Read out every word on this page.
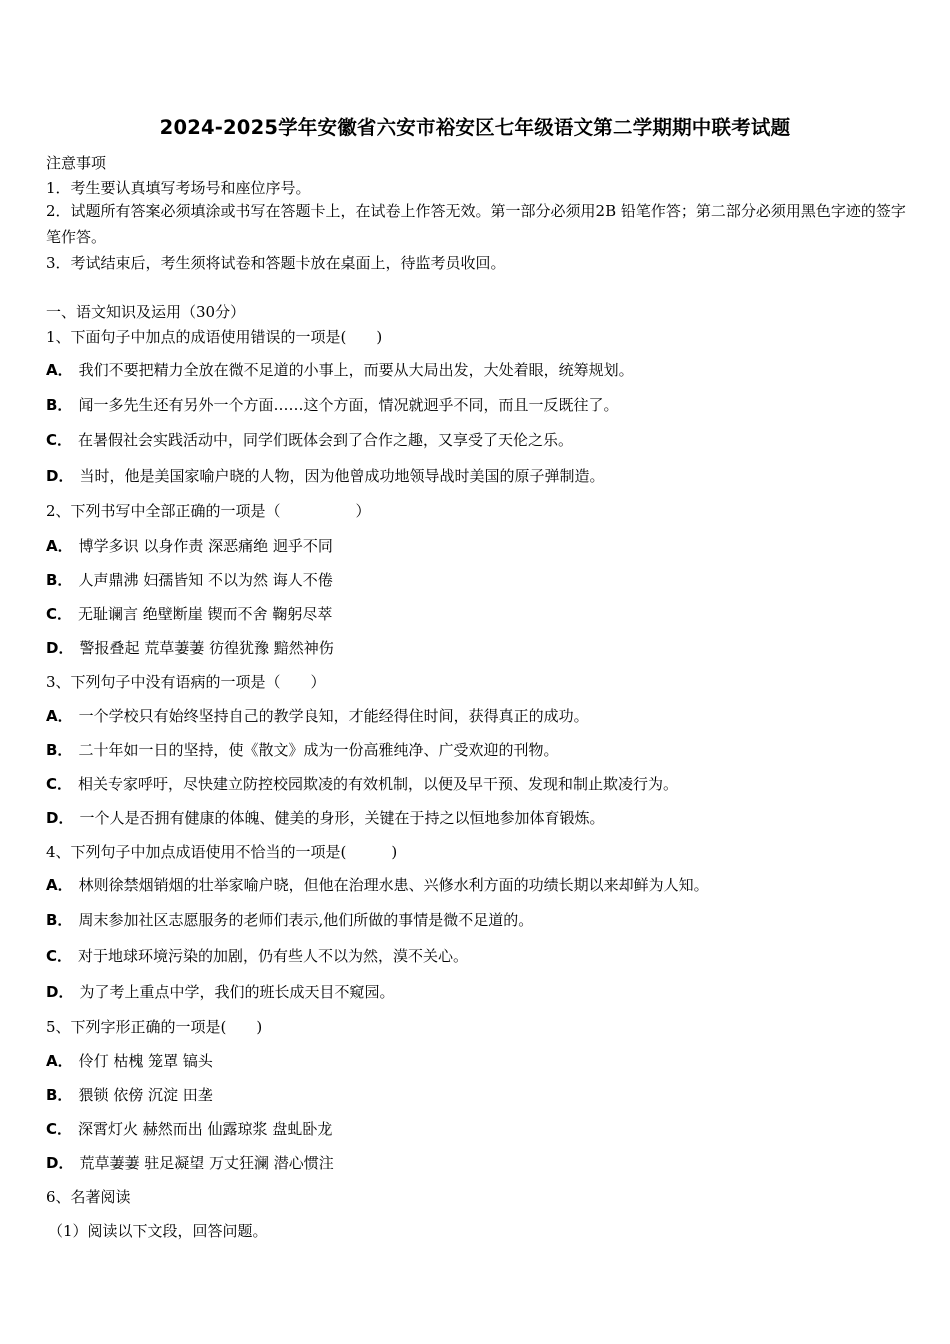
2024-2025学年安徽省六安市裕安区七年级语文第二学期期中联考试题
注意事项
1．考生要认真填写考场号和座位序号。
2．试题所有答案必须填涂或书写在答题卡上，在试卷上作答无效。第一部分必须用2B 铅笔作答；第二部分必须用黑色字迹的签字笔作答。
3．考试结束后，考生须将试卷和答题卡放在桌面上，待监考员收回。
一、语文知识及运用（30分）
1、下面句子中加点的成语使用错误的一项是(　　)
A． 我们不要把精力全放在微不足道的小事上，而要从大局出发，大处着眼，统筹规划。
B． 闻一多先生还有另外一个方面……这个方面，情况就迥乎不同，而且一反既往了。
C． 在暑假社会实践活动中，同学们既体会到了合作之趣，又享受了天伦之乐。
D． 当时，他是美国家喻户晓的人物，因为他曾成功地领导战时美国的原子弹制造。
2、下列书写中全部正确的一项是（　　　　　）
A． 博学多识 以身作责 深恶痛绝 迥乎不同
B． 人声鼎沸 妇孺皆知 不以为然 诲人不倦
C． 无耻谰言 绝壁断崖 锲而不舍 鞠躬尽萃
D． 警报叠起 荒草萋萋 彷徨犹豫 黯然神伤
3、下列句子中没有语病的一项是（　　）
A． 一个学校只有始终坚持自己的教学良知，才能经得住时间，获得真正的成功。
B． 二十年如一日的坚持，使《散文》成为一份高雅纯净、广受欢迎的刊物。
C． 相关专家呼吁，尽快建立防控校园欺凌的有效机制，以便及早干预、发现和制止欺凌行为。
D． 一个人是否拥有健康的体魄、健美的身形，关键在于持之以恒地参加体育锻炼。
4、下列句子中加点成语使用不恰当的一项是(　　　)
A． 林则徐禁烟销烟的壮举家喻户晓，但他在治理水患、兴修水利方面的功绩长期以来却鲜为人知。
B． 周末参加社区志愿服务的老师们表示,他们所做的事情是微不足道的。
C． 对于地球环境污染的加剧，仍有些人不以为然，漠不关心。
D． 为了考上重点中学，我们的班长成天目不窥园。
5、下列字形正确的一项是(　　)
A． 伶仃 枯槐 笼罩 镐头
B． 猥锁 依傍 沉淀 田垄
C． 深霄灯火 赫然而出 仙露琼浆 盘虬卧龙
D． 荒草萋萋 驻足凝望 万丈狂澜 潜心惯注
6、名著阅读
（1）阅读以下文段，回答问题。
